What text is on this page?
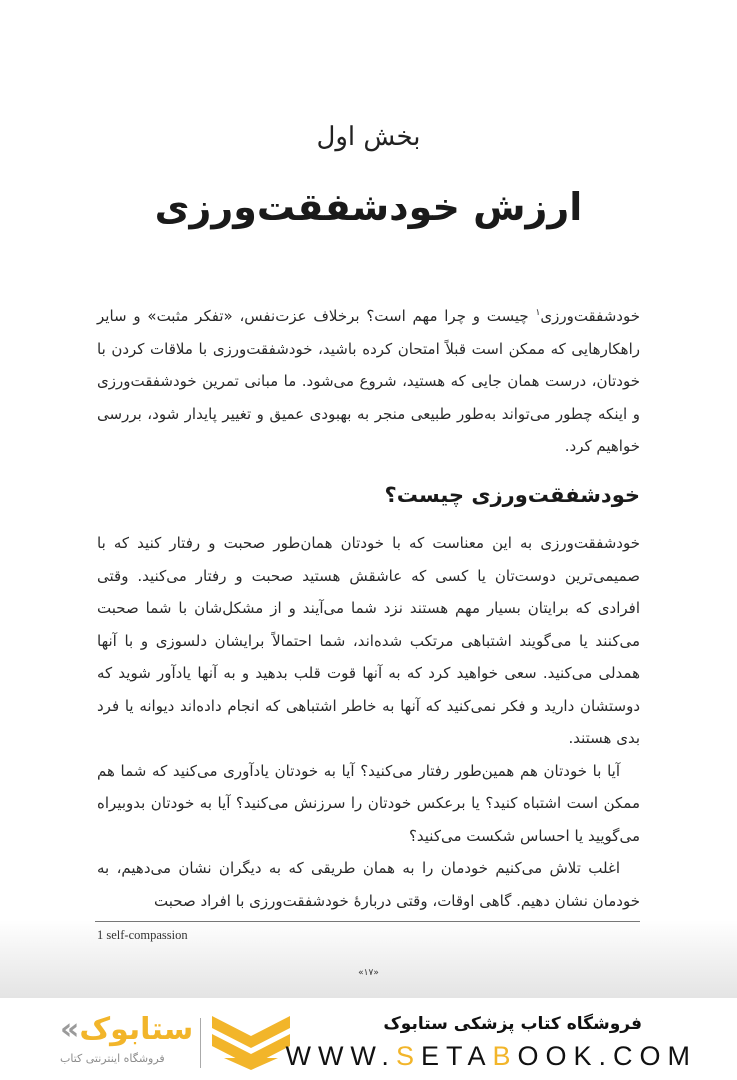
بخش اول
ارزش خودشفقت‌ورزی

خودشفقت‌ورزی$^۱$ چیست و چرا مهم است؟ برخلاف عزت‌نفس، «تفکر مثبت» و سایر راهکارهایی که ممکن است قبلاً امتحان کرده باشید، خودشفقت‌ورزی با ملاقات کردن با خودتان، درست همان جایی که هستید، شروع می‌شود. ما مبانی تمرین خودشفقت‌ورزی و اینکه چطور می‌تواند به‌طور طبیعی منجر به بهبودی عمیق و تغییر پایدار شود، بررسی خواهیم کرد.

خودشفقت‌ورزی چیست؟

خودشفقت‌ورزی به این معناست که با خودتان همان‌طور صحبت و رفتار کنید که با صمیمی‌ترین دوست‌تان یا کسی که عاشقش هستید صحبت و رفتار می‌کنید. وقتی افرادی که برایتان بسیار مهم هستند نزد شما می‌آیند و از مشکل‌شان با شما صحبت می‌کنند یا می‌گویند اشتباهی مرتکب شده‌اند، شما احتمالاً برایشان دلسوزی و با آنها همدلی می‌کنید. سعی خواهید کرد که به آنها قوت قلب بدهید و به آنها یادآور شوید که دوستشان دارید و فکر نمی‌کنید که آنها به خاطر اشتباهی که انجام داده‌اند دیوانه یا فرد بدی هستند.

آیا با خودتان هم همین‌طور رفتار می‌کنید؟ آیا به خودتان یادآوری می‌کنید که شما هم ممکن است اشتباه کنید؟ یا برعکس خودتان را سرزنش می‌کنید؟ آیا به خودتان بدوبیراه می‌گویید یا احساس شکست می‌کنید؟

اغلب تلاش می‌کنیم خودمان را به همان طریقی که به دیگران نشان می‌دهیم، به خودمان نشان دهیم. گاهی اوقات، وقتی دربارهٔ خودشفقت‌ورزی با افراد صحبت

1 self-compassion
«۱۷»
«ستابوک
فروشگاه اینترنتی کتاب
فروشگاه کتاب پزشکی ستابوک
WWW.SETABOOK.COM
